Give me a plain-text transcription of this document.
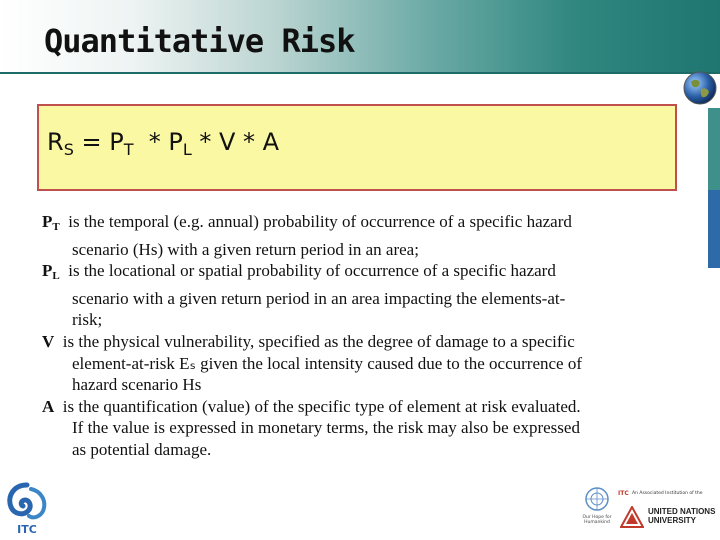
Quantitative Risk
$R_S = P_T * P_L * V * A$

$P_T$ is the temporal (e.g. annual) probability of occurrence of a specific hazard
scenario (Hs) with a given return period in an area;

$P_L$ is the locational or spatial probability of occurrence of a specific hazard
scenario with a given return period in an area impacting the elements-at-
risk;

V is the physical vulnerability, specified as the degree of damage to a specific
element-at-risk Eₛ given the local intensity caused due to the occurrence of
hazard scenario Hs

A is the quantification (value) of the specific type of element at risk evaluated.
If the value is expressed in monetary terms, the risk may also be expressed
as potential damage.

ITC
Our Hope for Humankind
ITC An Associated Institution of the
UNITED NATIONS
UNIVERSITY
